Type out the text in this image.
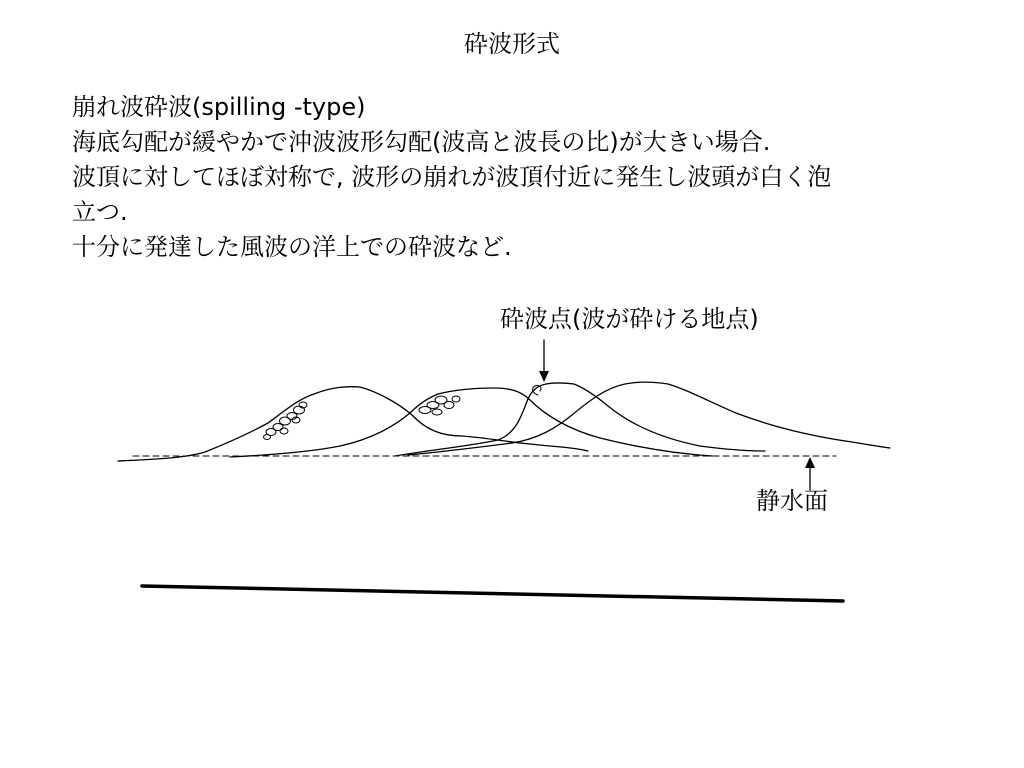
砕波形式
崩れ波砕波(spilling -type)
海底勾配が緩やかで沖波波形勾配(波高と波長の比)が大きい場合.
波頂に対してほぼ対称で, 波形の崩れが波頂付近に発生し波頭が白く泡
立つ.
十分に発達した風波の洋上での砕波など.
砕波点(波が砕ける地点)
静水面
